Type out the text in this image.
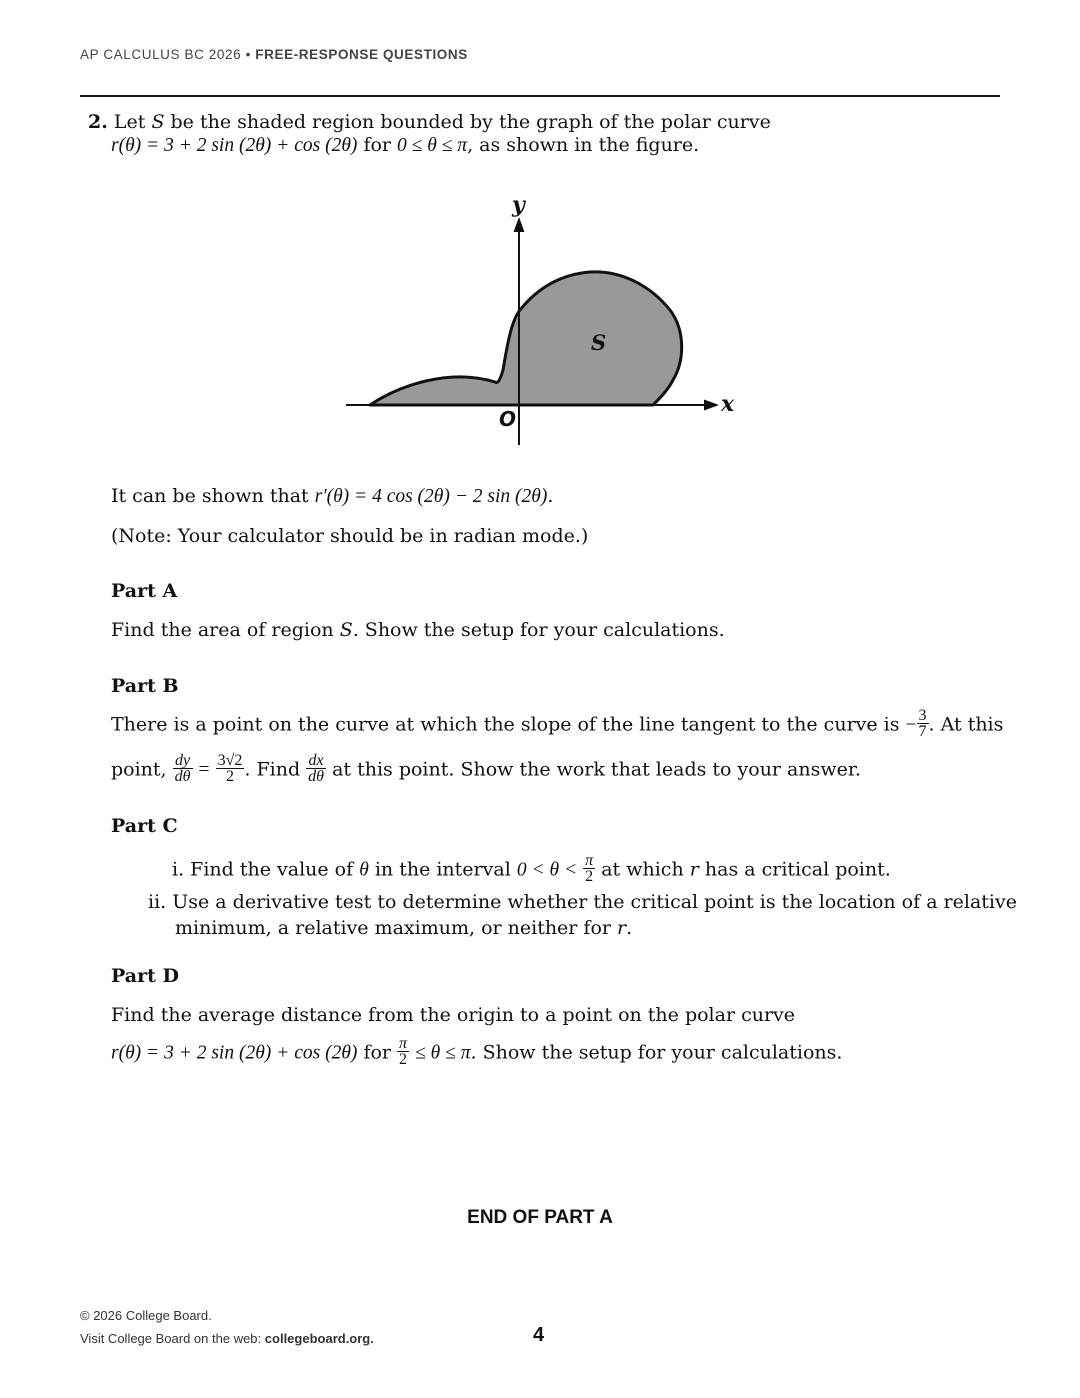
AP CALCULUS BC 2026 • FREE-RESPONSE QUESTIONS
2. Let S be the shaded region bounded by the graph of the polar curve
r(θ) = 3 + 2 sin (2θ) + cos (2θ) for 0 ≤ θ ≤ π, as shown in the figure.
y
x
O
S
It can be shown that r′(θ) = 4 cos (2θ) − 2 sin (2θ).
(Note: Your calculator should be in radian mode.)
Part A
Find the area of region S. Show the setup for your calculations.
Part B
There is a point on the curve at which the slope of the line tangent to the curve is − $\frac{3}{7}$ . At this
point, $\frac{dy}{d\theta} = \frac{3√2}{2}$ . Find $\frac{dx}{d\theta}$ at this point. Show the work that leads to your answer.
Part C
i. Find the value of θ in the interval $0 < \theta < \frac{\pi}{2}$ at which r has a critical point.
ii. Use a derivative test to determine whether the critical point is the location of a relative
minimum, a relative maximum, or neither for r.
Part D
Find the average distance from the origin to a point on the polar curve
r(θ) = 3 + 2 sin (2θ) + cos (2θ) for $\frac{\pi}{2} \le \theta \le \pi$. Show the setup for your calculations.
END OF PART A
© 2026 College Board.
Visit College Board on the web: collegeboard.org.	4
